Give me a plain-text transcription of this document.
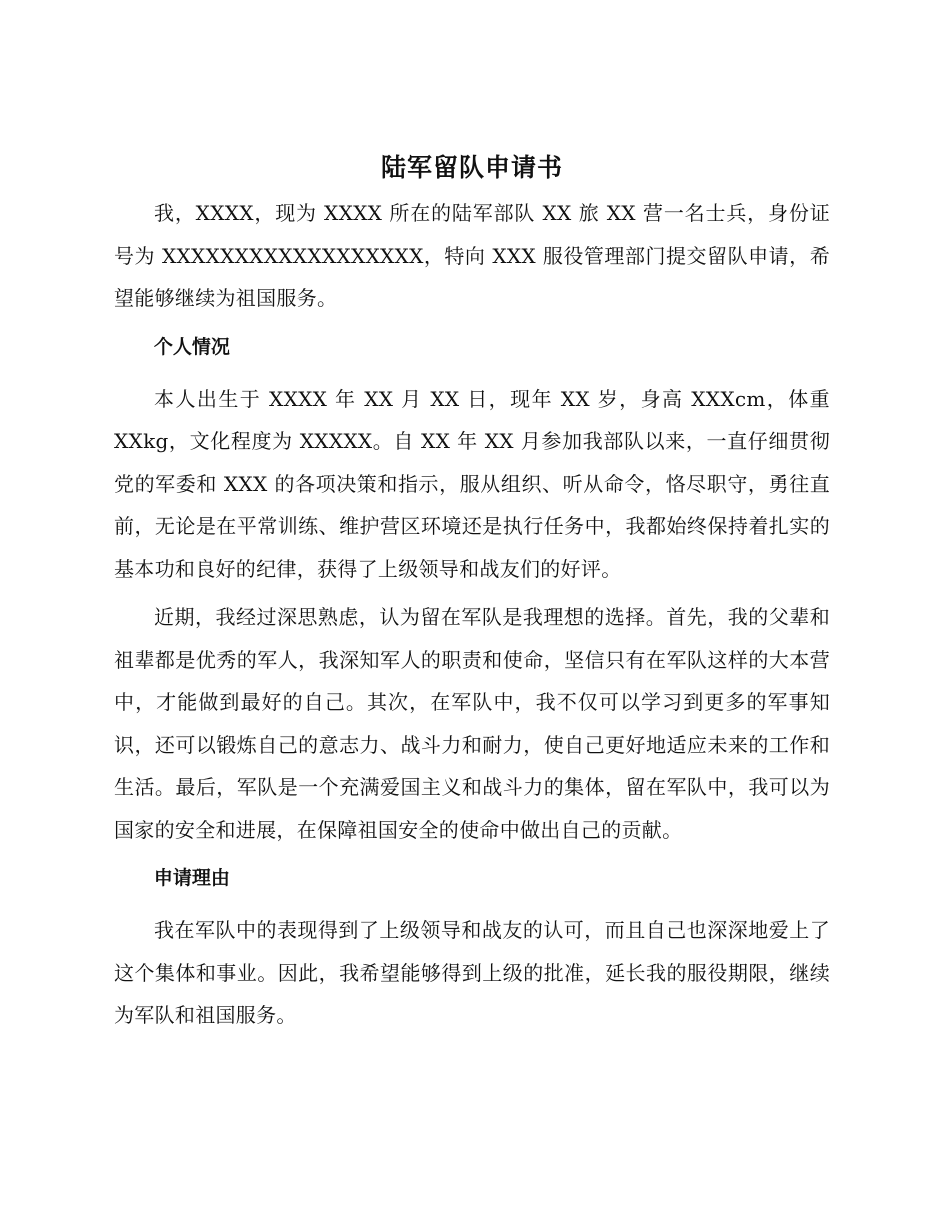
陆军留队申请书

我，XXXX，现为 XXXX 所在的陆军部队 XX 旅 XX 营一名士兵，身份证号为 XXXXXXXXXXXXXXXXXX，特向 XXX 服役管理部门提交留队申请，希望能够继续为祖国服务。

个人情况

本人出生于 XXXX 年 XX 月 XX 日，现年 XX 岁，身高 XXXcm，体重 XXkg，文化程度为 XXXXX。自 XX 年 XX 月参加我部队以来，一直仔细贯彻党的军委和 XXX 的各项决策和指示，服从组织、听从命令，恪尽职守，勇往直前，无论是在平常训练、维护营区环境还是执行任务中，我都始终保持着扎实的基本功和良好的纪律，获得了上级领导和战友们的好评。

近期，我经过深思熟虑，认为留在军队是我理想的选择。首先，我的父辈和祖辈都是优秀的军人，我深知军人的职责和使命，坚信只有在军队这样的大本营中，才能做到最好的自己。其次，在军队中，我不仅可以学习到更多的军事知识，还可以锻炼自己的意志力、战斗力和耐力，使自己更好地适应未来的工作和生活。最后，军队是一个充满爱国主义和战斗力的集体，留在军队中，我可以为国家的安全和进展，在保障祖国安全的使命中做出自己的贡献。

申请理由

我在军队中的表现得到了上级领导和战友的认可，而且自己也深深地爱上了这个集体和事业。因此，我希望能够得到上级的批准，延长我的服役期限，继续为军队和祖国服务。
